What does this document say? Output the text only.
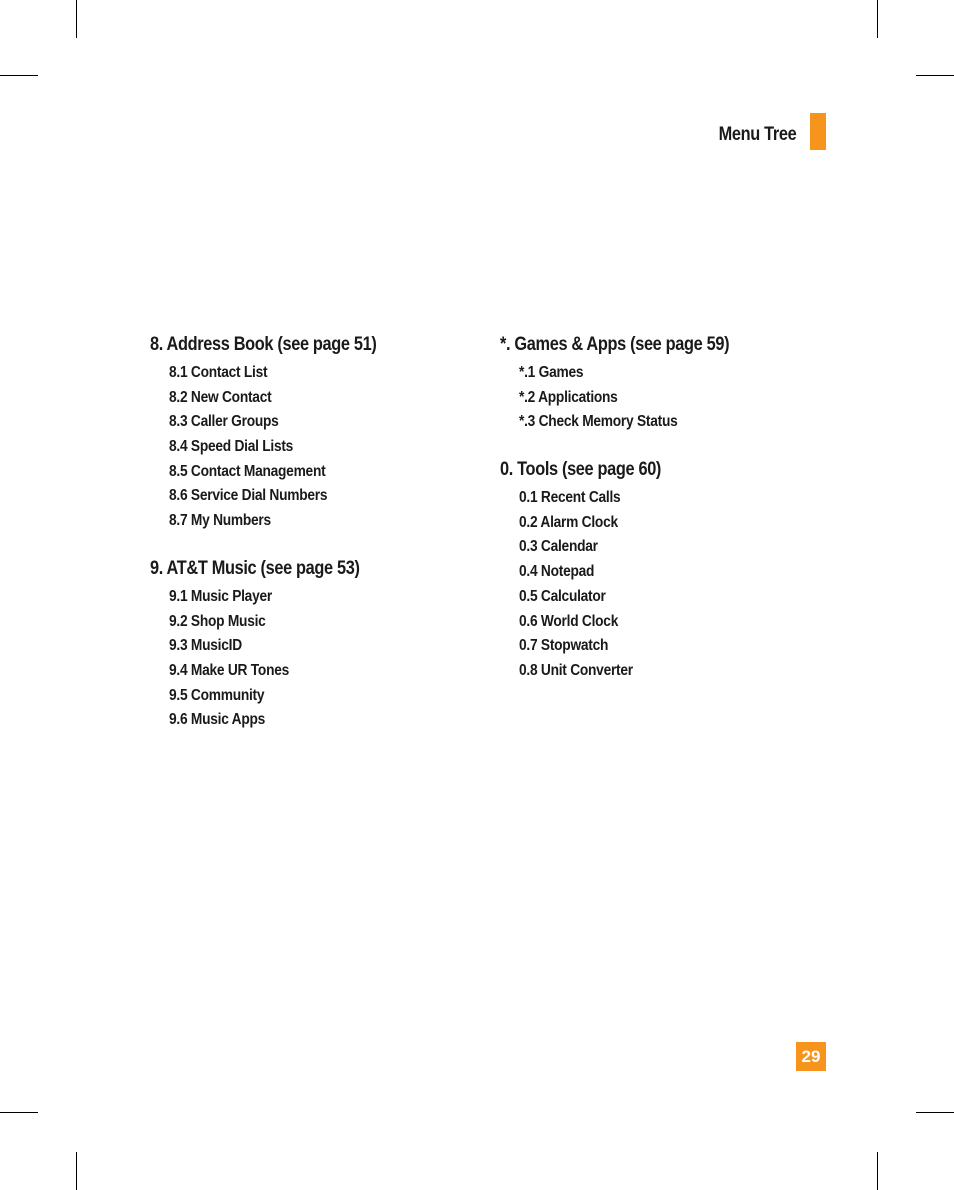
Menu Tree
8. Address Book (see page 51)
8.1 Contact List
8.2 New Contact
8.3 Caller Groups
8.4 Speed Dial Lists
8.5 Contact Management
8.6 Service Dial Numbers
8.7 My Numbers
9. AT&T Music (see page 53)
9.1 Music Player
9.2 Shop Music
9.3 MusicID
9.4 Make UR Tones
9.5 Community
9.6 Music Apps
*. Games & Apps (see page 59)
*.1 Games
*.2 Applications
*.3 Check Memory Status
0. Tools (see page 60)
0.1 Recent Calls
0.2 Alarm Clock
0.3 Calendar
0.4 Notepad
0.5 Calculator
0.6 World Clock
0.7 Stopwatch
0.8 Unit Converter
29
